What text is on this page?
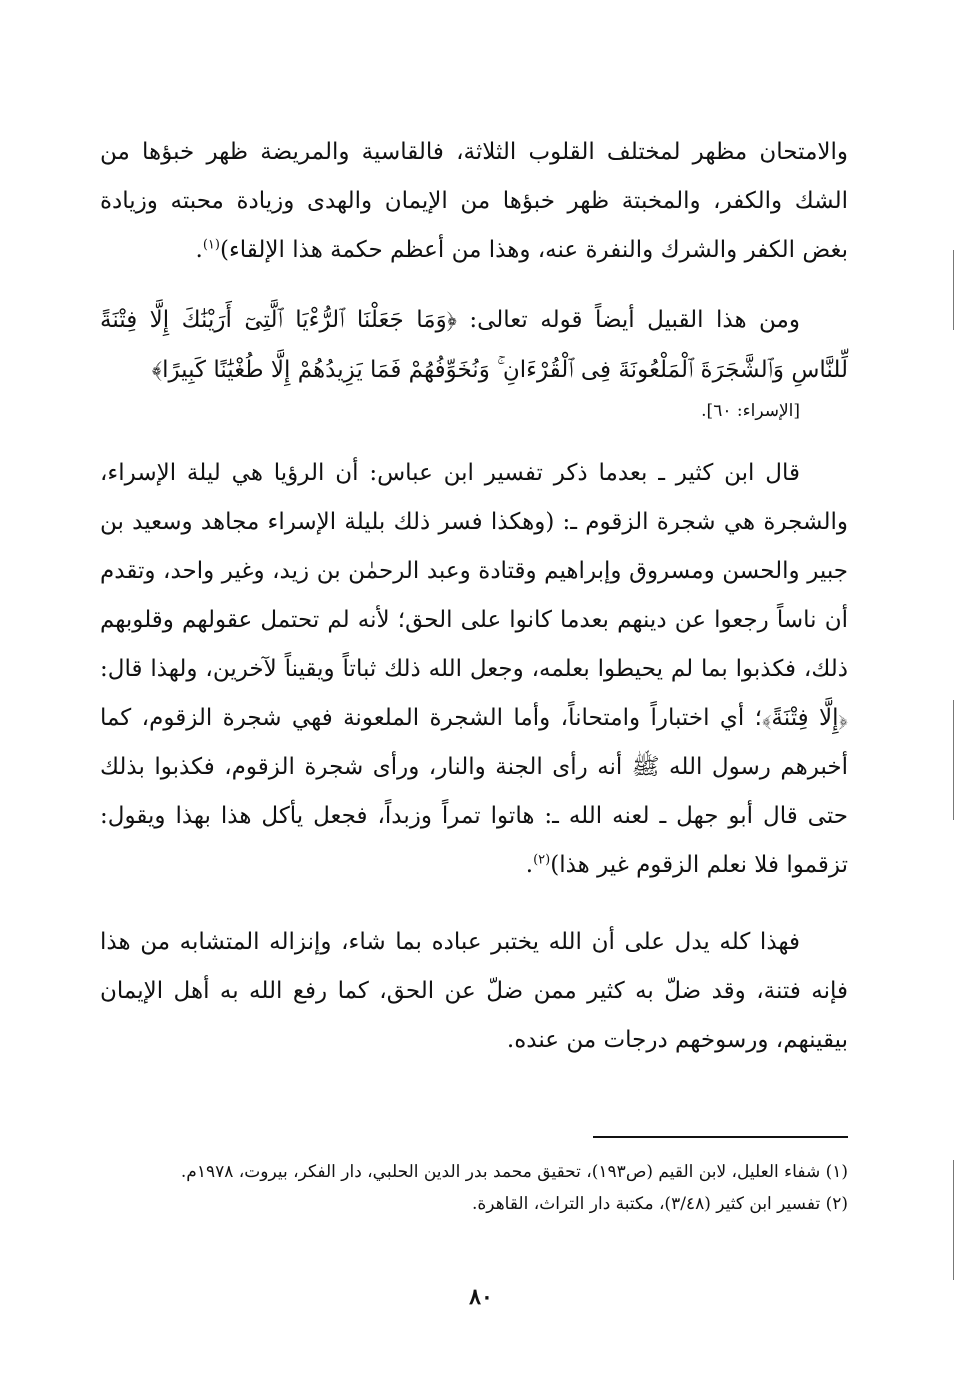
والامتحان مظهر لمختلف القلوب الثلاثة، فالقاسية والمريضة ظهر خبؤها من الشك والكفر، والمخبتة ظهر خبؤها من الإيمان والهدى وزيادة محبته وزيادة بغض الكفر والشرك والنفرة عنه، وهذا من أعظم حكمة هذا الإلقاء)$^{(١)}$.

ومن هذا القبيل أيضاً قوله تعالى: ﴿وَمَا جَعَلْنَا ٱلرُّءْيَا ٱلَّتِىٓ أَرَيْنَٰكَ إِلَّا فِتْنَةً لِّلنَّاسِ وَٱلشَّجَرَةَ ٱلْمَلْعُونَةَ فِى ٱلْقُرْءَانِ ۚ وَنُخَوِّفُهُمْ فَمَا يَزِيدُهُمْ إِلَّا طُغْيَٰنًا كَبِيرًا﴾
[الإسراء: ٦٠].

قال ابن كثير ـ بعدما ذكر تفسير ابن عباس: أن الرؤيا هي ليلة الإسراء، والشجرة هي شجرة الزقوم ـ: (وهكذا فسر ذلك بليلة الإسراء مجاهد وسعيد بن جبير والحسن ومسروق وإبراهيم وقتادة وعبد الرحمٰن بن زيد، وغير واحد، وتقدم أن ناساً رجعوا عن دينهم بعدما كانوا على الحق؛ لأنه لم تحتمل عقولهم وقلوبهم ذلك، فكذبوا بما لم يحيطوا بعلمه، وجعل الله ذلك ثباتاً ويقيناً لآخرين، ولهذا قال: ﴿إِلَّا فِتْنَةً﴾؛ أي اختباراً وامتحاناً، وأما الشجرة الملعونة فهي شجرة الزقوم، كما أخبرهم رسول الله ﷺ أنه رأى الجنة والنار، ورأى شجرة الزقوم، فكذبوا بذلك حتى قال أبو جهل ـ لعنه الله ـ: هاتوا تمراً وزبداً، فجعل يأكل هذا بهذا ويقول: تزقموا فلا نعلم الزقوم غير هذا)$^{(٢)}$.

فهذا كله يدل على أن الله يختبر عباده بما شاء، وإنزاله المتشابه من هذا فإنه فتنة، وقد ضلّ به كثير ممن ضلّ عن الحق، كما رفع الله به أهل الإيمان بيقينهم، ورسوخهم درجات من عنده.

(١) شفاء العليل، لابن القيم (ص١٩٣)، تحقيق محمد بدر الدين الحلبي، دار الفكر، بيروت، ١٩٧٨م.

(٢) تفسير ابن كثير (٣/٤٨)، مكتبة دار التراث، القاهرة.

٨٠
